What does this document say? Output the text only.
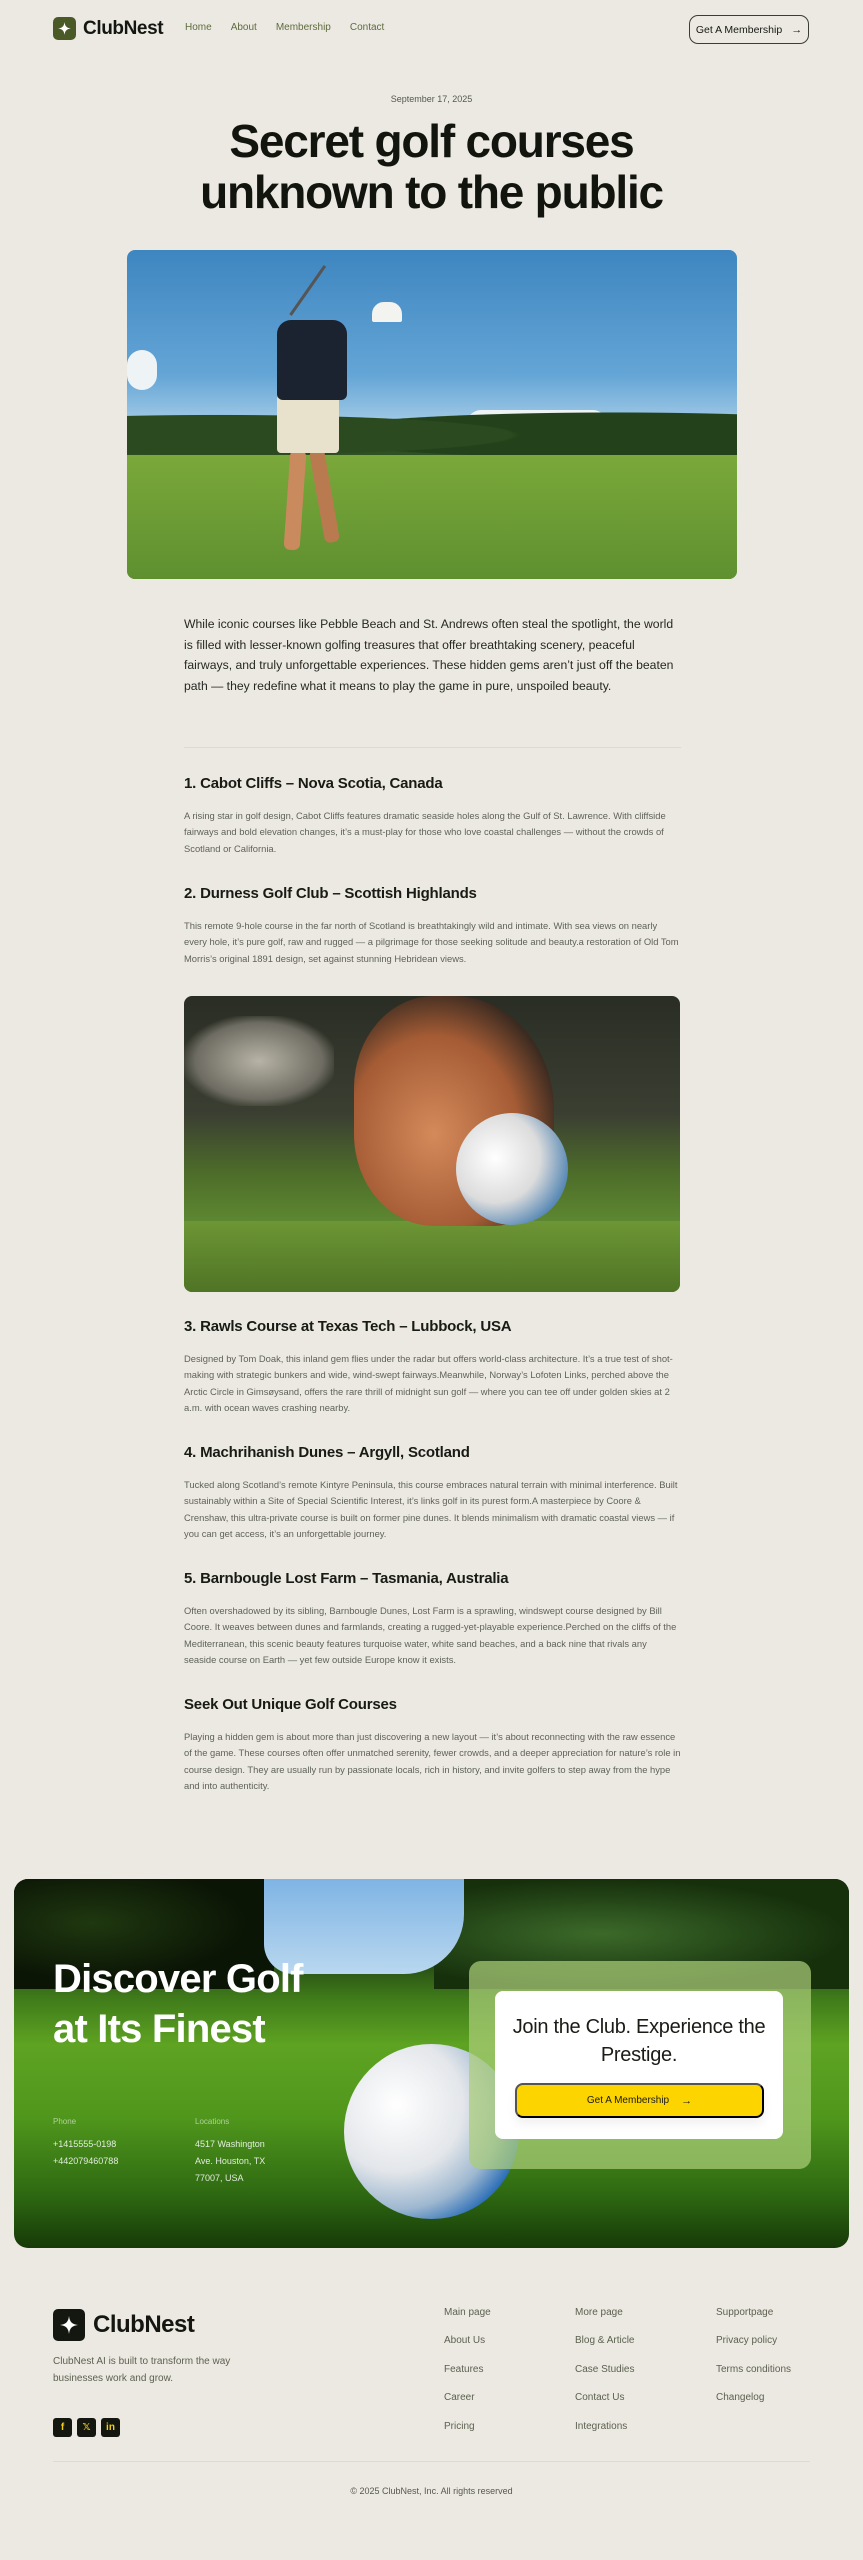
ClubNest Home About Membership Contact	Get A Membership →
September 17, 2025
Secret golf courses
unknown to the public

While iconic courses like Pebble Beach and St. Andrews often steal the spotlight, the world is filled with lesser-known golfing treasures that offer breathtaking scenery, peaceful fairways, and truly unforgettable experiences. These hidden gems aren’t just off the beaten path — they redefine what it means to play the game in pure, unspoiled beauty.

1. Cabot Cliffs – Nova Scotia, Canada

A rising star in golf design, Cabot Cliffs features dramatic seaside holes along the Gulf of St. Lawrence. With cliffside fairways and bold elevation changes, it’s a must-play for those who love coastal challenges — without the crowds of Scotland or California.

2. Durness Golf Club – Scottish Highlands

This remote 9-hole course in the far north of Scotland is breathtakingly wild and intimate. With sea views on nearly every hole, it’s pure golf, raw and rugged — a pilgrimage for those seeking solitude and beauty.a restoration of Old Tom Morris’s original 1891 design, set against stunning Hebridean views.

3. Rawls Course at Texas Tech – Lubbock, USA

Designed by Tom Doak, this inland gem flies under the radar but offers world-class architecture. It’s a true test of shot-making with strategic bunkers and wide, wind-swept fairways.Meanwhile, Norway’s Lofoten Links, perched above the Arctic Circle in Gimsøysand, offers the rare thrill of midnight sun golf — where you can tee off under golden skies at 2 a.m. with ocean waves crashing nearby.

4. Machrihanish Dunes – Argyll, Scotland

Tucked along Scotland’s remote Kintyre Peninsula, this course embraces natural terrain with minimal interference. Built sustainably within a Site of Special Scientific Interest, it’s links golf in its purest form.A masterpiece by Coore & Crenshaw, this ultra-private course is built on former pine dunes. It blends minimalism with dramatic coastal views — if you can get access, it’s an unforgettable journey.

5. Barnbougle Lost Farm – Tasmania, Australia

Often overshadowed by its sibling, Barnbougle Dunes, Lost Farm is a sprawling, windswept course designed by Bill Coore. It weaves between dunes and farmlands, creating a rugged-yet-playable experience.Perched on the cliffs of the Mediterranean, this scenic beauty features turquoise water, white sand beaches, and a back nine that rivals any seaside course on Earth — yet few outside Europe know it exists.

Seek Out Unique Golf Courses

Playing a hidden gem is about more than just discovering a new layout — it’s about reconnecting with the raw essence of the game. These courses often offer unmatched serenity, fewer crowds, and a deeper appreciation for nature’s role in course design. They are usually run by passionate locals, rich in history, and invite golfers to step away from the hype and into authenticity.

Discover Golf
at Its Finest
Phone
+1415555-0198
+442079460788
Locations
4517 Washington
Ave. Houston, TX
77007, USA
Join the Club. Experience the Prestige.
Get A Membership →
ClubNest

ClubNest AI is built to transform the way businesses work and grow.

f	𝕏	in
Main page
About Us
Features
Career
Pricing
More page
Blog & Article
Case Studies
Contact Us
Integrations
Supportpage
Privacy policy
Terms conditions
Changelog
© 2025 ClubNest, Inc. All rights reserved
